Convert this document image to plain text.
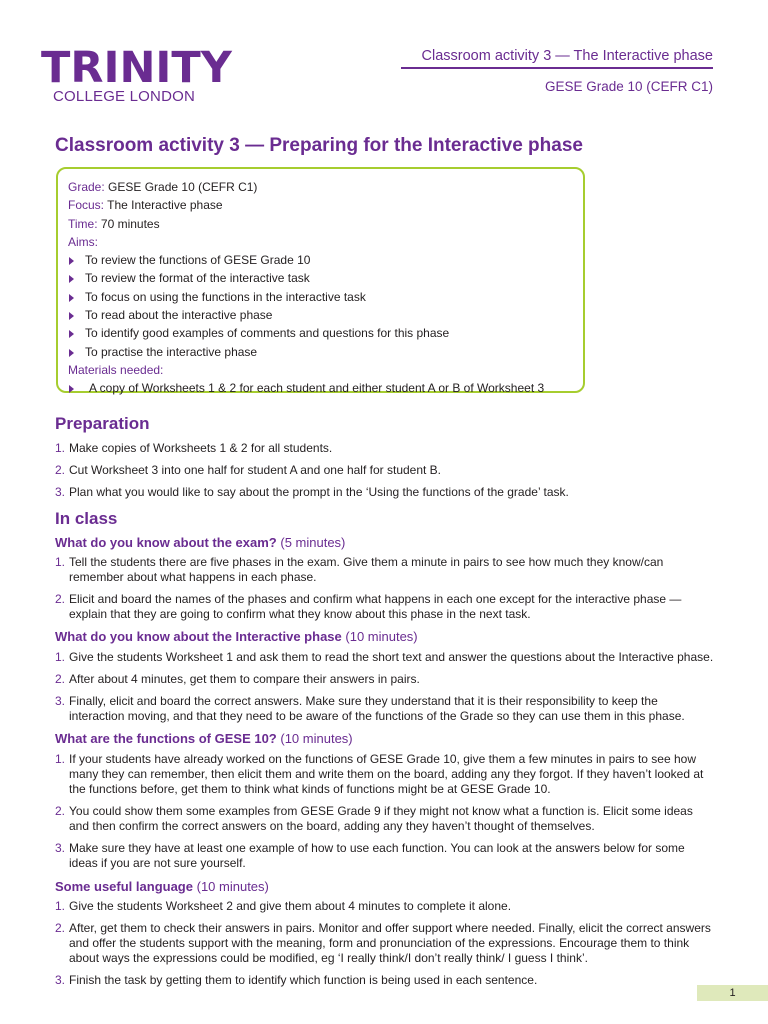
TRINITY
COLLEGE LONDON
Classroom activity 3 — The Interactive phase
GESE Grade 10 (CEFR C1)
Classroom activity 3 — Preparing for the Interactive phase
Grade: GESE Grade 10 (CEFR C1)
Focus: The Interactive phase
Time: 70 minutes
Aims:
To review the functions of GESE Grade 10
To review the format of the interactive task
To focus on using the functions in the interactive task
To read about the interactive phase
To identify good examples of comments and questions for this phase
To practise the interactive phase
Materials needed:
A copy of Worksheets 1 & 2 for each student and either student A or B of Worksheet 3
Preparation
1. Make copies of Worksheets 1 & 2 for all students.
2. Cut Worksheet 3 into one half for student A and one half for student B.
3. Plan what you would like to say about the prompt in the ‘Using the functions of the grade’ task.
In class
What do you know about the exam? (5 minutes)
1. Tell the students there are five phases in the exam. Give them a minute in pairs to see how much they know/can remember about what happens in each phase.
2. Elicit and board the names of the phases and confirm what happens in each one except for the interactive phase — explain that they are going to confirm what they know about this phase in the next task.
What do you know about the Interactive phase (10 minutes)
1. Give the students Worksheet 1 and ask them to read the short text and answer the questions about the Interactive phase.
2. After about 4 minutes, get them to compare their answers in pairs.
3. Finally, elicit and board the correct answers. Make sure they understand that it is their responsibility to keep the interaction moving, and that they need to be aware of the functions of the Grade so they can use them in this phase.
What are the functions of GESE 10? (10 minutes)
1. If your students have already worked on the functions of GESE Grade 10, give them a few minutes in pairs to see how many they can remember, then elicit them and write them on the board, adding any they forgot. If they haven’t looked at the functions before, get them to think what kinds of functions might be at GESE Grade 10.
2. You could show them some examples from GESE Grade 9 if they might not know what a function is. Elicit some ideas and then confirm the correct answers on the board, adding any they haven’t thought of themselves.
3. Make sure they have at least one example of how to use each function. You can look at the answers below for some ideas if you are not sure yourself.
Some useful language (10 minutes)
1. Give the students Worksheet 2 and give them about 4 minutes to complete it alone.
2. After, get them to check their answers in pairs. Monitor and offer support where needed. Finally, elicit the correct answers and offer the students support with the meaning, form and pronunciation of the expressions. Encourage them to think about ways the expressions could be modified, eg ‘I really think/I don’t really think/ I guess I think’.
3. Finish the task by getting them to identify which function is being used in each sentence.
1
